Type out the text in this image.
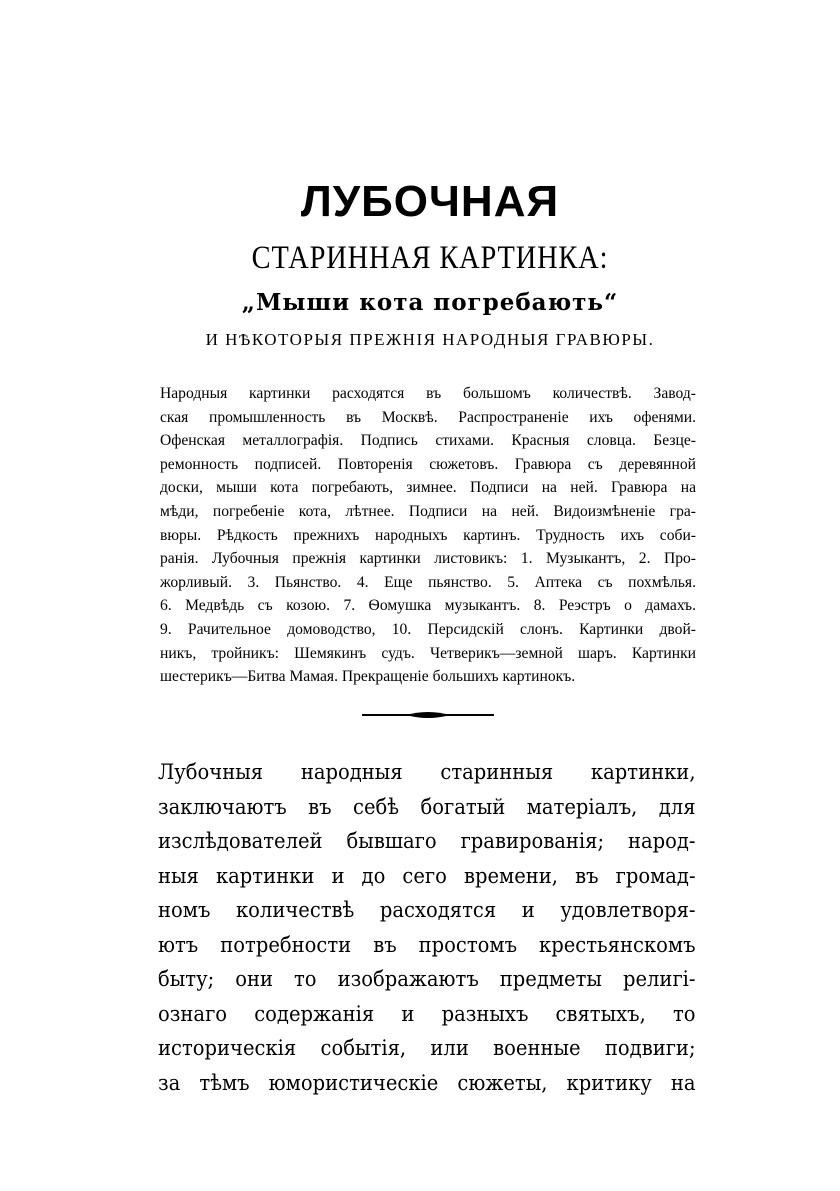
ЛУБОЧНАЯ
СТАРИННАЯ КАРТИНКА:
„Мыши кота погребають“
И НѢКОТОРЫЯ ПРЕЖНІЯ НАРОДНЫЯ ГРАВЮРЫ.
Народныя картинки расходятся въ большомъ количествѣ. Завод-
ская промышленность въ Москвѣ. Распространеніе ихъ офенями.
Офенская металлографія. Подпись стихами. Красныя словца. Безце-
ремонность подписей. Повторенія сюжетовъ. Гравюра съ деревянной
доски, мыши кота погребають, зимнее. Подписи на ней. Гравюра на
мѣди, погребеніе кота, лѣтнее. Подписи на ней. Видоизмѣненіе гра-
вюры. Рѣдкость прежнихъ народныхъ картинъ. Трудность ихъ соби-
ранія. Лубочныя прежнія картинки листовикъ: 1. Музыкантъ, 2. Про-
жорливый. 3. Пьянство. 4. Еще пьянство. 5. Аптека съ похмѣлья.
6. Медвѣдь съ козою. 7. Ѳомушка музыкантъ. 8. Реэстръ о дамахъ.
9. Рачительное домоводство, 10. Персидскій слонъ. Картинки двой-
никъ, тройникъ: Шемякинъ судъ. Четверикъ—земной шаръ. Картинки
шестерикъ—Битва Мамая. Прекращеніе большихъ картинокъ.
Лубочныя народныя старинныя картинки,
заключаютъ въ себѣ богатый матеріалъ, для
изслѣдователей бывшаго гравированія; народ-
ныя картинки и до сего времени, въ громад-
номъ количествѣ расходятся и удовлетворя-
ютъ потребности въ простомъ крестьянскомъ
быту; они то изображаютъ предметы религі-
ознаго содержанія и разныхъ святыхъ, то
историческія событія, или военные подвиги;
за тѣмъ юмористическіе сюжеты, критику на
